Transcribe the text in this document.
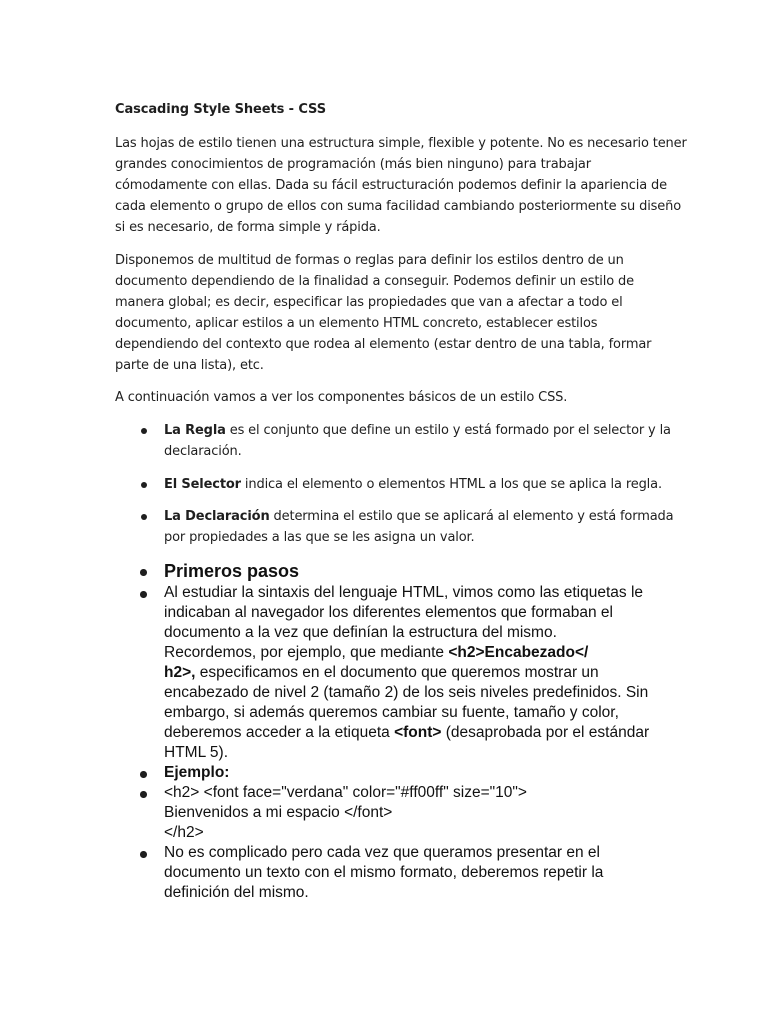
Cascading Style Sheets - CSS
Las hojas de estilo tienen una estructura simple, flexible y potente. No es necesario tener
grandes conocimientos de programación (más bien ninguno) para trabajar
cómodamente con ellas. Dada su fácil estructuración podemos definir la apariencia de
cada elemento o grupo de ellos con suma facilidad cambiando posteriormente su diseño
si es necesario, de forma simple y rápida.
Disponemos de multitud de formas o reglas para definir los estilos dentro de un
documento dependiendo de la finalidad a conseguir. Podemos definir un estilo de
manera global; es decir, especificar las propiedades que van a afectar a todo el
documento, aplicar estilos a un elemento HTML concreto, establecer estilos
dependiendo del contexto que rodea al elemento (estar dentro de una tabla, formar
parte de una lista), etc.
A continuación vamos a ver los componentes básicos de un estilo CSS.
La Regla es el conjunto que define un estilo y está formado por el selector y la
declaración.
El Selector indica el elemento o elementos HTML a los que se aplica la regla.
La Declaración determina el estilo que se aplicará al elemento y está formada
por propiedades a las que se les asigna un valor.
Primeros pasos
Al estudiar la sintaxis del lenguaje HTML, vimos como las etiquetas le
indicaban al navegador los diferentes elementos que formaban el
documento a la vez que definían la estructura del mismo.
Recordemos, por ejemplo, que mediante <h2>Encabezado</
h2>, especificamos en el documento que queremos mostrar un
encabezado de nivel 2 (tamaño 2) de los seis niveles predefinidos. Sin
embargo, si además queremos cambiar su fuente, tamaño y color,
deberemos acceder a la etiqueta <font> (desaprobada por el estándar
HTML 5).
Ejemplo:
<h2> <font face="verdana" color="#ff00ff" size="10">
Bienvenidos a mi espacio </font>
</h2>
No es complicado pero cada vez que queramos presentar en el
documento un texto con el mismo formato, deberemos repetir la
definición del mismo.
